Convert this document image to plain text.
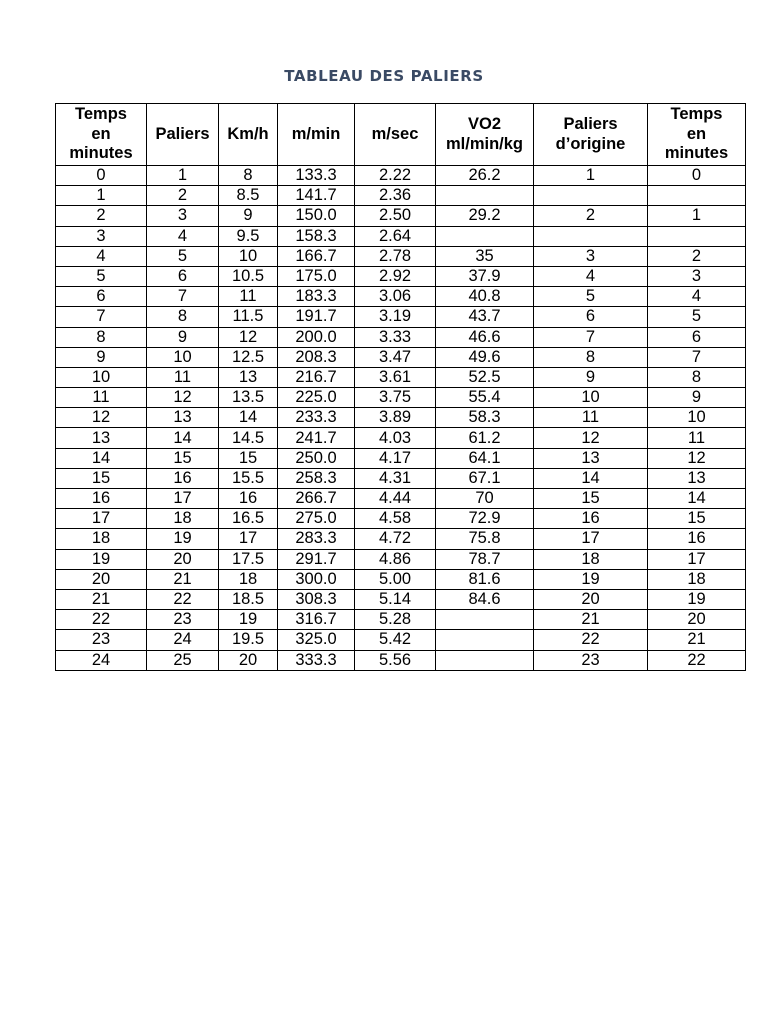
TABLEAU DES PALIERS
Temps
en
minutes	Paliers	Km/h	m/min	m/sec	VO2
ml/min/kg	Paliers
d’origine	Temps
en
minutes

0	1	8	133.3	2.22	26.2	1	0
1	2	8.5	141.7	2.36			
2	3	9	150.0	2.50	29.2	2	1
3	4	9.5	158.3	2.64			
4	5	10	166.7	2.78	35	3	2
5	6	10.5	175.0	2.92	37.9	4	3
6	7	11	183.3	3.06	40.8	5	4
7	8	11.5	191.7	3.19	43.7	6	5
8	9	12	200.0	3.33	46.6	7	6
9	10	12.5	208.3	3.47	49.6	8	7
10	11	13	216.7	3.61	52.5	9	8
11	12	13.5	225.0	3.75	55.4	10	9
12	13	14	233.3	3.89	58.3	11	10
13	14	14.5	241.7	4.03	61.2	12	11
14	15	15	250.0	4.17	64.1	13	12
15	16	15.5	258.3	4.31	67.1	14	13
16	17	16	266.7	4.44	70	15	14
17	18	16.5	275.0	4.58	72.9	16	15
18	19	17	283.3	4.72	75.8	17	16
19	20	17.5	291.7	4.86	78.7	18	17
20	21	18	300.0	5.00	81.6	19	18
21	22	18.5	308.3	5.14	84.6	20	19
22	23	19	316.7	5.28		21	20
23	24	19.5	325.0	5.42		22	21
24	25	20	333.3	5.56		23	22
